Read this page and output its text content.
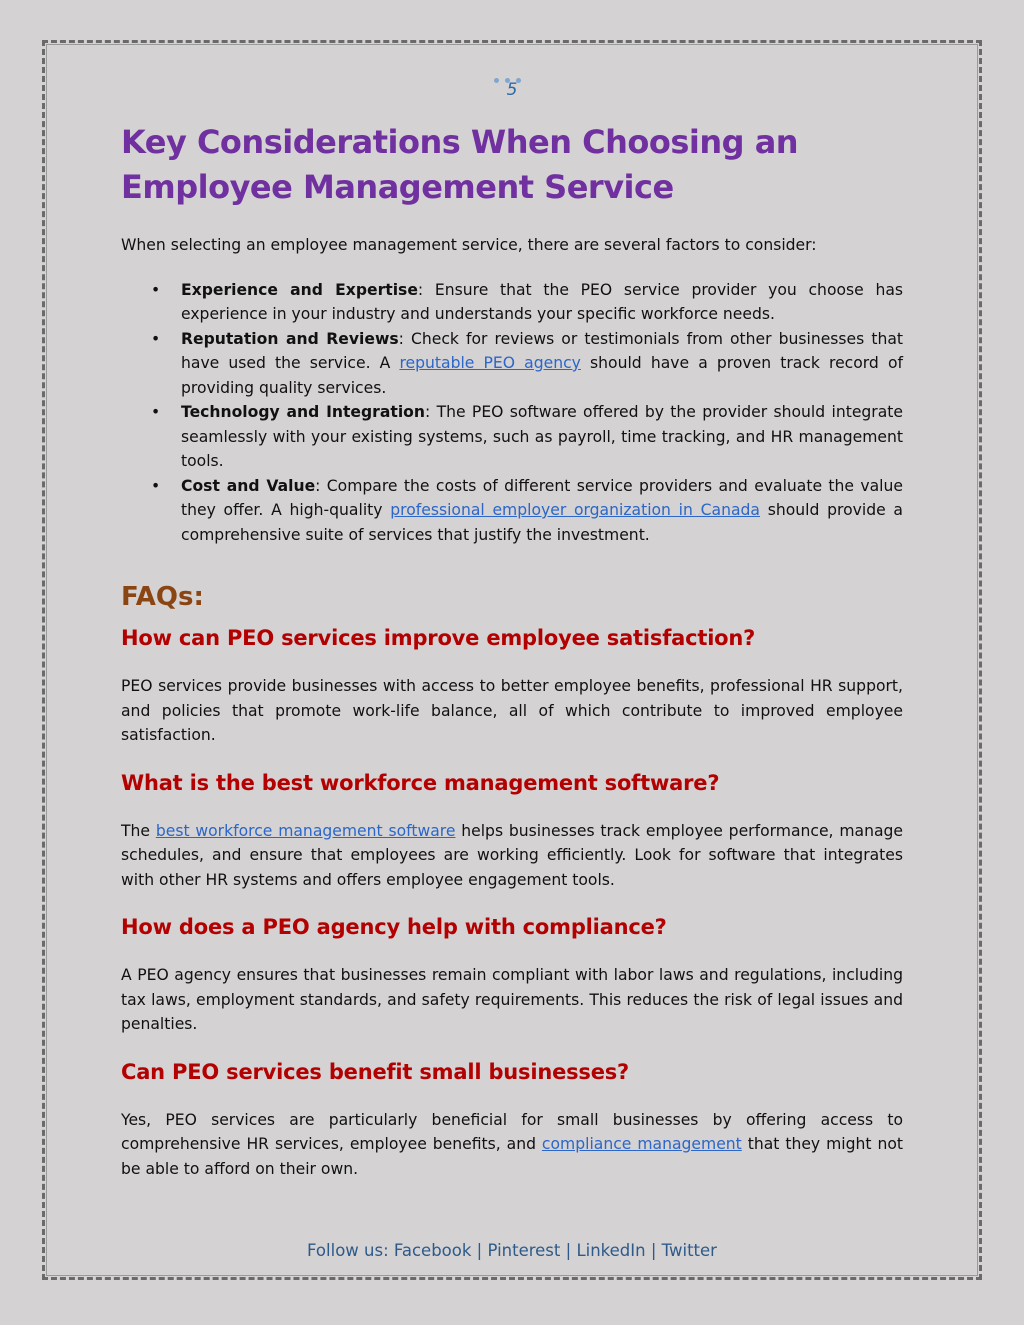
5
Key Considerations When Choosing an Employee Management Service

When selecting an employee management service, there are several factors to consider:

• Experience and Expertise: Ensure that the PEO service provider you choose has experience in your industry and understands your specific workforce needs.
• Reputation and Reviews: Check for reviews or testimonials from other businesses that have used the service. A reputable PEO agency should have a proven track record of providing quality services.
• Technology and Integration: The PEO software offered by the provider should integrate seamlessly with your existing systems, such as payroll, time tracking, and HR management tools.
• Cost and Value: Compare the costs of different service providers and evaluate the value they offer. A high-quality professional employer organization in Canada should provide a comprehensive suite of services that justify the investment.
FAQs:
How can PEO services improve employee satisfaction?

PEO services provide businesses with access to better employee benefits, professional HR support, and policies that promote work-life balance, all of which contribute to improved employee satisfaction.

What is the best workforce management software?

The best workforce management software helps businesses track employee performance, manage schedules, and ensure that employees are working efficiently. Look for software that integrates with other HR systems and offers employee engagement tools.

How does a PEO agency help with compliance?

A PEO agency ensures that businesses remain compliant with labor laws and regulations, including tax laws, employment standards, and safety requirements. This reduces the risk of legal issues and penalties.

Can PEO services benefit small businesses?

Yes, PEO services are particularly beneficial for small businesses by offering access to comprehensive HR services, employee benefits, and compliance management that they might not be able to afford on their own.

Follow us: Facebook | Pinterest | LinkedIn | Twitter
